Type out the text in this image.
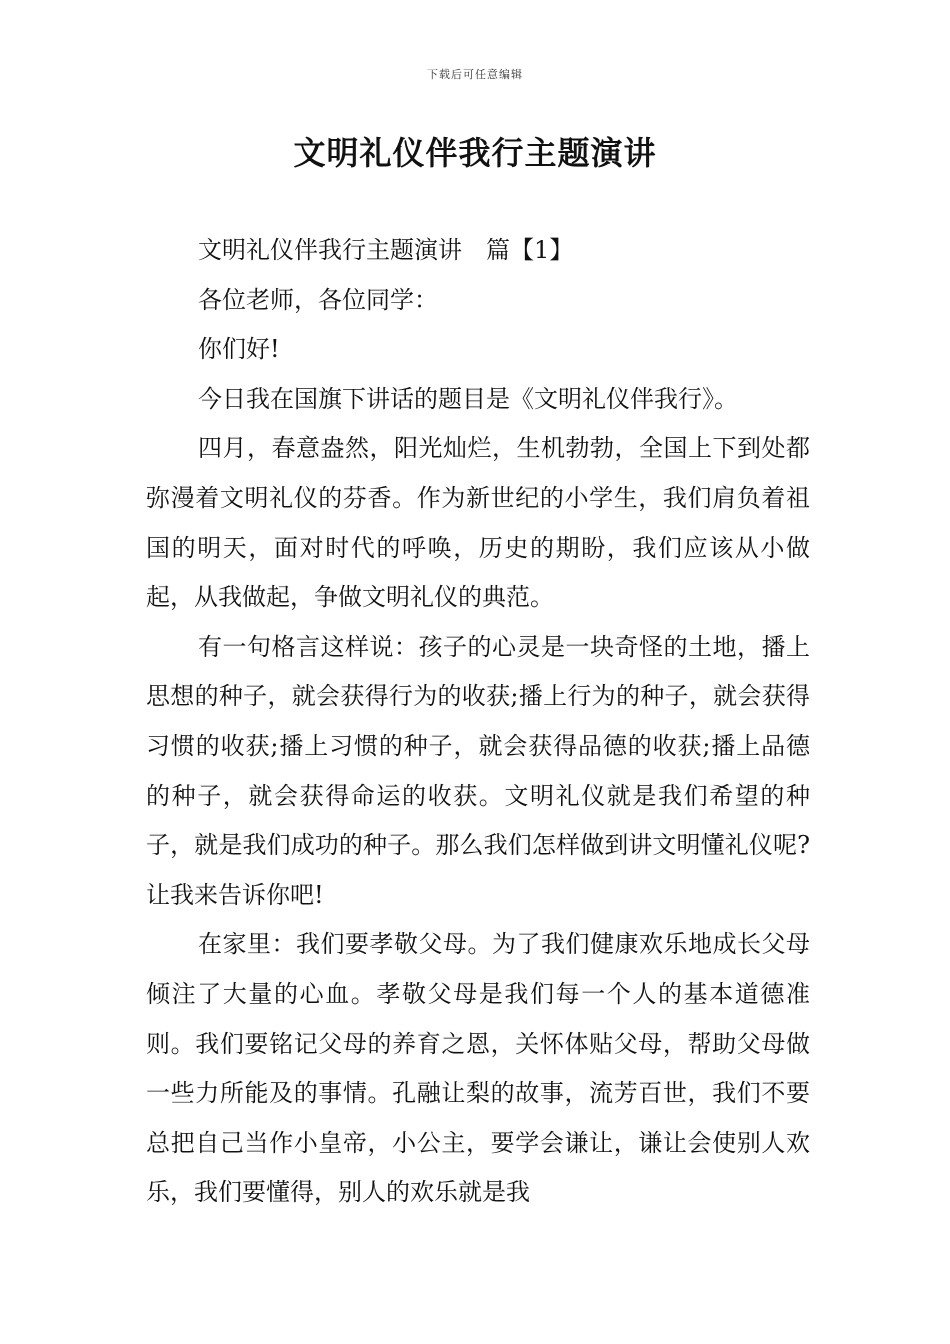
下载后可任意编辑
文明礼仪伴我行主题演讲
文明礼仪伴我行主题演讲　篇【1】

各位老师，各位同学：

你们好!

今日我在国旗下讲话的题目是《文明礼仪伴我行》。

四月，春意盎然，阳光灿烂，生机勃勃，全国上下到处都弥漫着文明礼仪的芬香。作为新世纪的小学生，我们肩负着祖国的明天，面对时代的呼唤，历史的期盼，我们应该从小做起，从我做起，争做文明礼仪的典范。

有一句格言这样说：孩子的心灵是一块奇怪的土地，播上思想的种子，就会获得行为的收获;播上行为的种子，就会获得习惯的收获;播上习惯的种子，就会获得品德的收获;播上品德的种子，就会获得命运的收获。文明礼仪就是我们希望的种子，就是我们成功的种子。那么我们怎样做到讲文明懂礼仪呢?让我来告诉你吧!

在家里：我们要孝敬父母。为了我们健康欢乐地成长父母倾注了大量的心血。孝敬父母是我们每一个人的基本道德准则。我们要铭记父母的养育之恩，关怀体贴父母，帮助父母做一些力所能及的事情。孔融让梨的故事，流芳百世，我们不要总把自己当作小皇帝，小公主，要学会谦让，谦让会使别人欢乐，我们要懂得，别人的欢乐就是我
